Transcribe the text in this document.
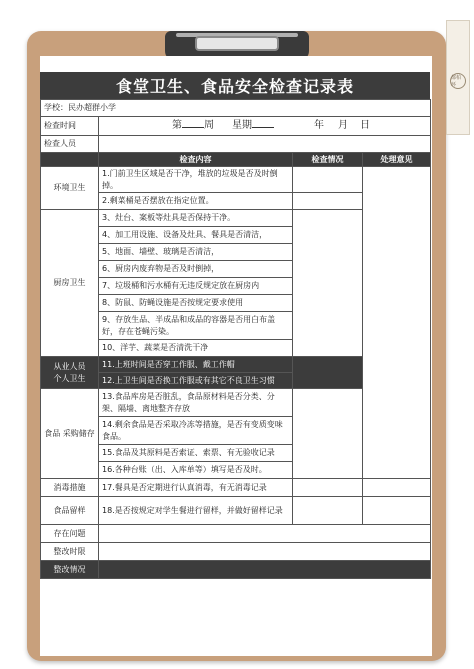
都柏环
食堂卫生、食品安全检查记录表
学校：民办超群小学			
检查时间	第 周 星期 年 月 日		
检查人员			
	检查内容	检查情况	处理意见
环境卫生	1.门前卫生区域是否干净，堆放的垃圾是否及时倒掉。		
	2.剩菜桶是否摆放在指定位置。		
厨房卫生	3、灶台、案板等灶具是否保持干净。		
	4、加工用设施、设备及灶具、餐具是否清洁，		
	5、地面、墙壁、玻璃是否清洁，		
	6、厨房内废弃物是否及时倒掉，		
	7、垃圾桶和污水桶有无违反规定放在厨房内		
	8、防鼠、防蝇设施是否按规定要求使用		
	9、存放生品、半成品和成品的容器是否用白布盖好，存在苍蝇污染。		
	10、洋芋、蔬菜是否清洗干净		
从业人员
个人卫生	11.上班时间是否穿工作服、戴工作帽		
	12.上卫生间是否换工作服或有其它不良卫生习惯		
食品 采购储存	13.食品库房是否脏乱，食品原材料是否分类、分架、隔墙、离地整齐存放		
	14.剩余食品是否采取冷冻等措施，是否有变质变味食品。		
	15.食品及其原料是否索证、索票、有无验收记录		
	16.各种台账（出、入库单等）填写是否及时。		
消毒措施	17.餐具是否定期进行认真消毒，有无消毒记录		
食品留样	18.是否按规定对学生餐进行留样，并做好留样记录		
存在问题			
整改时限			
整改情况			
